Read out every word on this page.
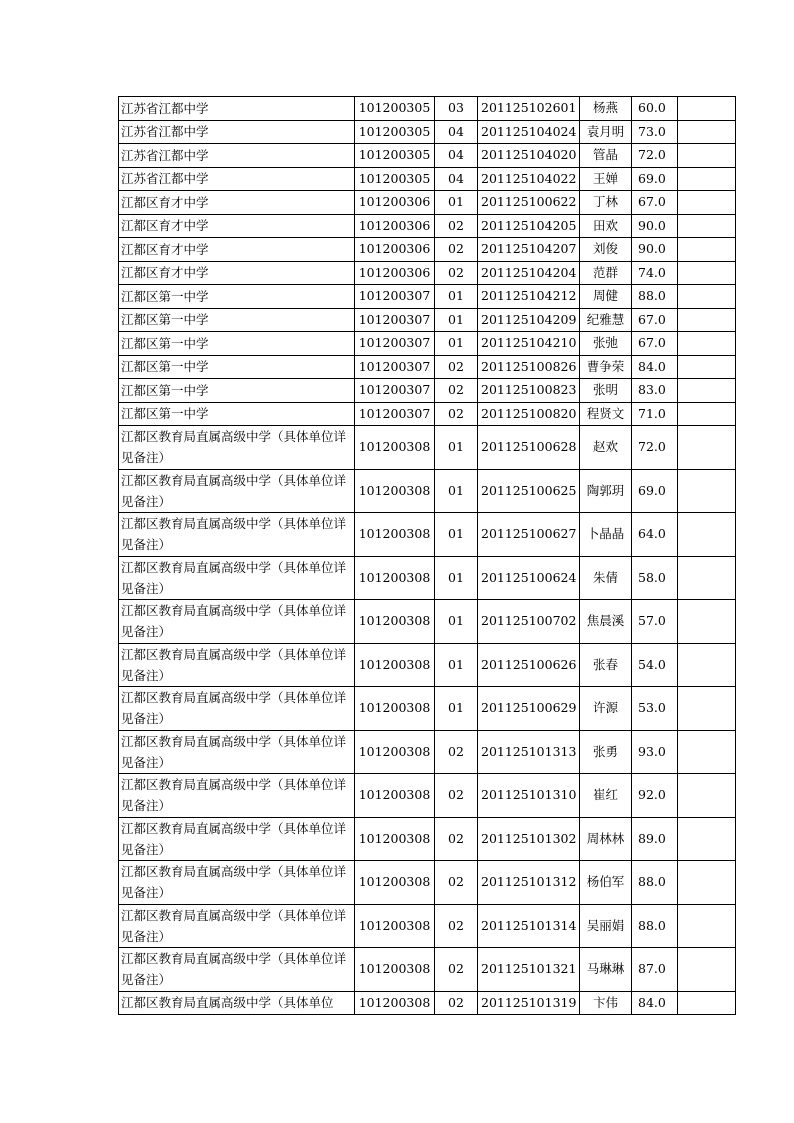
江苏省江都中学	101200305	03	201125102601	杨燕	60.0	
江苏省江都中学	101200305	04	201125104024	袁月明	73.0	
江苏省江都中学	101200305	04	201125104020	管晶	72.0	
江苏省江都中学	101200305	04	201125104022	王婵	69.0	
江都区育才中学	101200306	01	201125100622	丁林	67.0	
江都区育才中学	101200306	02	201125104205	田欢	90.0	
江都区育才中学	101200306	02	201125104207	刘俊	90.0	
江都区育才中学	101200306	02	201125104204	范群	74.0	
江都区第一中学	101200307	01	201125104212	周健	88.0	
江都区第一中学	101200307	01	201125104209	纪雅慧	67.0	
江都区第一中学	101200307	01	201125104210	张弛	67.0	
江都区第一中学	101200307	02	201125100826	曹争荣	84.0	
江都区第一中学	101200307	02	201125100823	张明	83.0	
江都区第一中学	101200307	02	201125100820	程贤文	71.0	
江都区教育局直属高级中学（具体单位详见备注）	101200308	01	201125100628	赵欢	72.0	
江都区教育局直属高级中学（具体单位详见备注）	101200308	01	201125100625	陶郭玥	69.0	
江都区教育局直属高级中学（具体单位详见备注）	101200308	01	201125100627	卜晶晶	64.0	
江都区教育局直属高级中学（具体单位详见备注）	101200308	01	201125100624	朱倩	58.0	
江都区教育局直属高级中学（具体单位详见备注）	101200308	01	201125100702	焦晨溪	57.0	
江都区教育局直属高级中学（具体单位详见备注）	101200308	01	201125100626	张春	54.0	
江都区教育局直属高级中学（具体单位详见备注）	101200308	01	201125100629	许源	53.0	
江都区教育局直属高级中学（具体单位详见备注）	101200308	02	201125101313	张勇	93.0	
江都区教育局直属高级中学（具体单位详见备注）	101200308	02	201125101310	崔红	92.0	
江都区教育局直属高级中学（具体单位详见备注）	101200308	02	201125101302	周林林	89.0	
江都区教育局直属高级中学（具体单位详见备注）	101200308	02	201125101312	杨伯军	88.0	
江都区教育局直属高级中学（具体单位详见备注）	101200308	02	201125101314	吴丽娟	88.0	
江都区教育局直属高级中学（具体单位详见备注）	101200308	02	201125101321	马琳琳	87.0	
江都区教育局直属高级中学（具体单位	101200308	02	201125101319	卞伟	84.0	
